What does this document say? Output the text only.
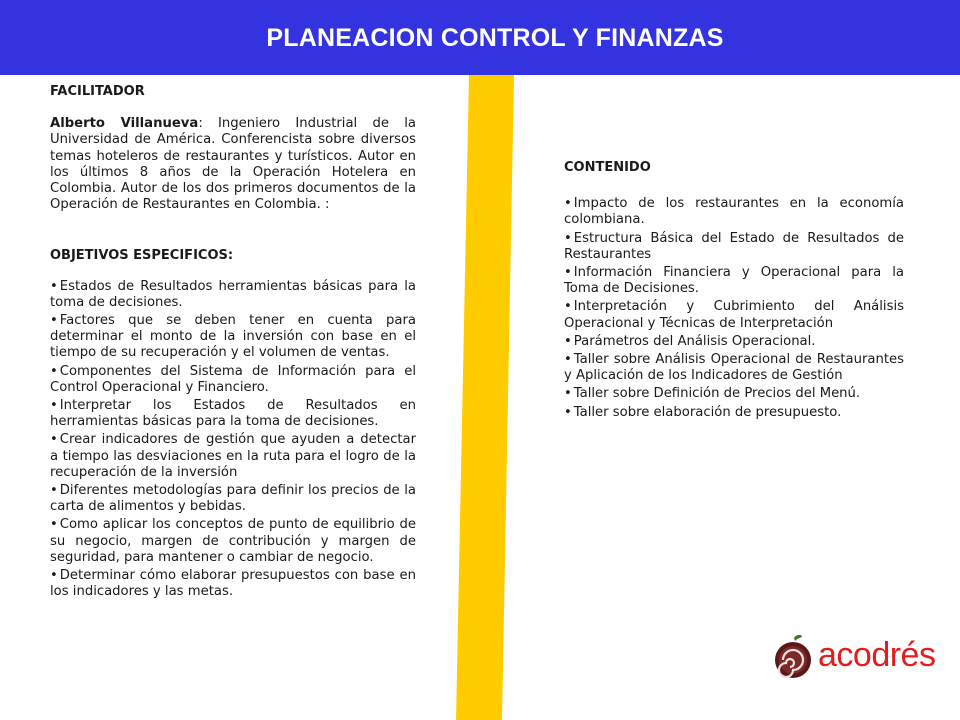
PLANEACION CONTROL Y FINANZAS

FACILITADOR

Alberto Villanueva: Ingeniero Industrial de la Universidad de América. Conferencista sobre diversos temas hoteleros de restaurantes y turísticos. Autor en los últimos 8 años de la Operación Hotelera en Colombia. Autor de los dos primeros documentos de la Operación de Restaurantes en Colombia. :

OBJETIVOS ESPECIFICOS:

• Estados de Resultados herramientas básicas para la toma de decisiones.
• Factores que se deben tener en cuenta para determinar el monto de la inversión con base en el tiempo de su recuperación y el volumen de ventas.
• Componentes del Sistema de Información para el Control Operacional y Financiero.
• Interpretar los Estados de Resultados en herramientas básicas para la toma de decisiones.
• Crear indicadores de gestión que ayuden a detectar a tiempo las desviaciones en la ruta para el logro de la recuperación de la inversión
• Diferentes metodologías para definir los precios de la carta de alimentos y bebidas.
• Como aplicar los conceptos de punto de equilibrio de su negocio, margen de contribución y margen de seguridad, para mantener o cambiar de negocio.
• Determinar cómo elaborar presupuestos con base en los indicadores y las metas.

CONTENIDO

• Impacto de los restaurantes en la economía colombiana.
• Estructura Básica del Estado de Resultados de Restaurantes
• Información Financiera y Operacional para la Toma de Decisiones.
• Interpretación y Cubrimiento del Análisis Operacional y Técnicas de Interpretación
• Parámetros del Análisis Operacional.
• Taller sobre Análisis Operacional de Restaurantes y Aplicación de los Indicadores de Gestión
• Taller sobre Definición de Precios del Menú.
• Taller sobre elaboración de presupuesto.
acodrés
